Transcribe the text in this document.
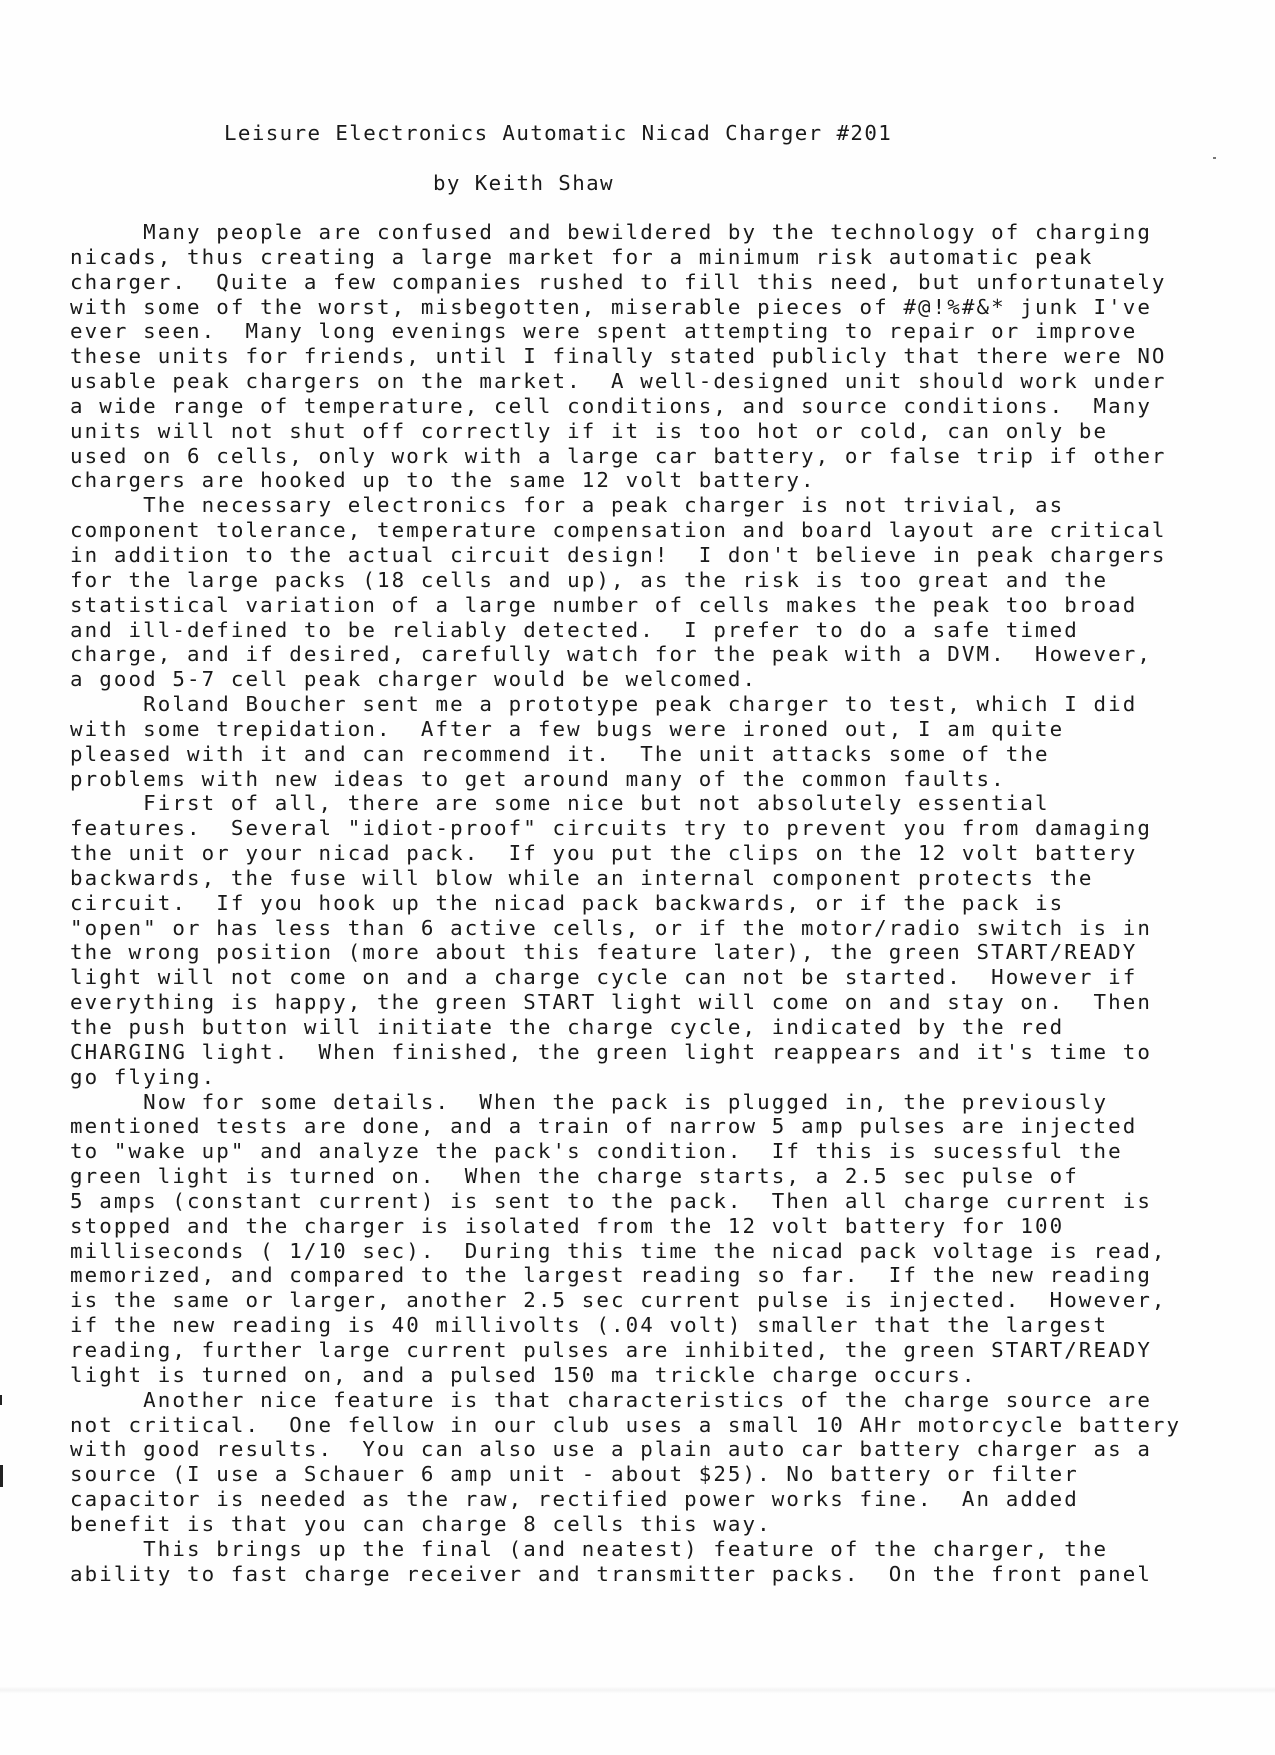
Leisure Electronics Automatic Nicad Charger #201
by Keith Shaw
Many people are confused and bewildered by the technology of charging
nicads, thus creating a large market for a minimum risk automatic peak
charger.  Quite a few companies rushed to fill this need, but unfortunately
with some of the worst, misbegotten, miserable pieces of #@!%#&* junk I've
ever seen.  Many long evenings were spent attempting to repair or improve
these units for friends, until I finally stated publicly that there were NO
usable peak chargers on the market.  A well-designed unit should work under
a wide range of temperature, cell conditions, and source conditions.  Many
units will not shut off correctly if it is too hot or cold, can only be
used on 6 cells, only work with a large car battery, or false trip if other
chargers are hooked up to the same 12 volt battery.
The necessary electronics for a peak charger is not trivial, as
component tolerance, temperature compensation and board layout are critical
in addition to the actual circuit design!  I don't believe in peak chargers
for the large packs (18 cells and up), as the risk is too great and the
statistical variation of a large number of cells makes the peak too broad
and ill-defined to be reliably detected.  I prefer to do a safe timed
charge, and if desired, carefully watch for the peak with a DVM.  However,
a good 5-7 cell peak charger would be welcomed.
Roland Boucher sent me a prototype peak charger to test, which I did
with some trepidation.  After a few bugs were ironed out, I am quite
pleased with it and can recommend it.  The unit attacks some of the
problems with new ideas to get around many of the common faults.
First of all, there are some nice but not absolutely essential
features.  Several "idiot-proof" circuits try to prevent you from damaging
the unit or your nicad pack.  If you put the clips on the 12 volt battery
backwards, the fuse will blow while an internal component protects the
circuit.  If you hook up the nicad pack backwards, or if the pack is
"open" or has less than 6 active cells, or if the motor/radio switch is in
the wrong position (more about this feature later), the green START/READY
light will not come on and a charge cycle can not be started.  However if
everything is happy, the green START light will come on and stay on.  Then
the push button will initiate the charge cycle, indicated by the red
CHARGING light.  When finished, the green light reappears and it's time to
go flying.
Now for some details.  When the pack is plugged in, the previously
mentioned tests are done, and a train of narrow 5 amp pulses are injected
to "wake up" and analyze the pack's condition.  If this is sucessful the
green light is turned on.  When the charge starts, a 2.5 sec pulse of
5 amps (constant current) is sent to the pack.  Then all charge current is
stopped and the charger is isolated from the 12 volt battery for 100
milliseconds ( 1/10 sec).  During this time the nicad pack voltage is read,
memorized, and compared to the largest reading so far.  If the new reading
is the same or larger, another 2.5 sec current pulse is injected.  However,
if the new reading is 40 millivolts (.04 volt) smaller that the largest
reading, further large current pulses are inhibited, the green START/READY
light is turned on, and a pulsed 150 ma trickle charge occurs.
Another nice feature is that characteristics of the charge source are
not critical.  One fellow in our club uses a small 10 AHr motorcycle battery
with good results.  You can also use a plain auto car battery charger as a
source (I use a Schauer 6 amp unit - about $25). No battery or filter
capacitor is needed as the raw, rectified power works fine.  An added
benefit is that you can charge 8 cells this way.
This brings up the final (and neatest) feature of the charger, the
ability to fast charge receiver and transmitter packs.  On the front panel
